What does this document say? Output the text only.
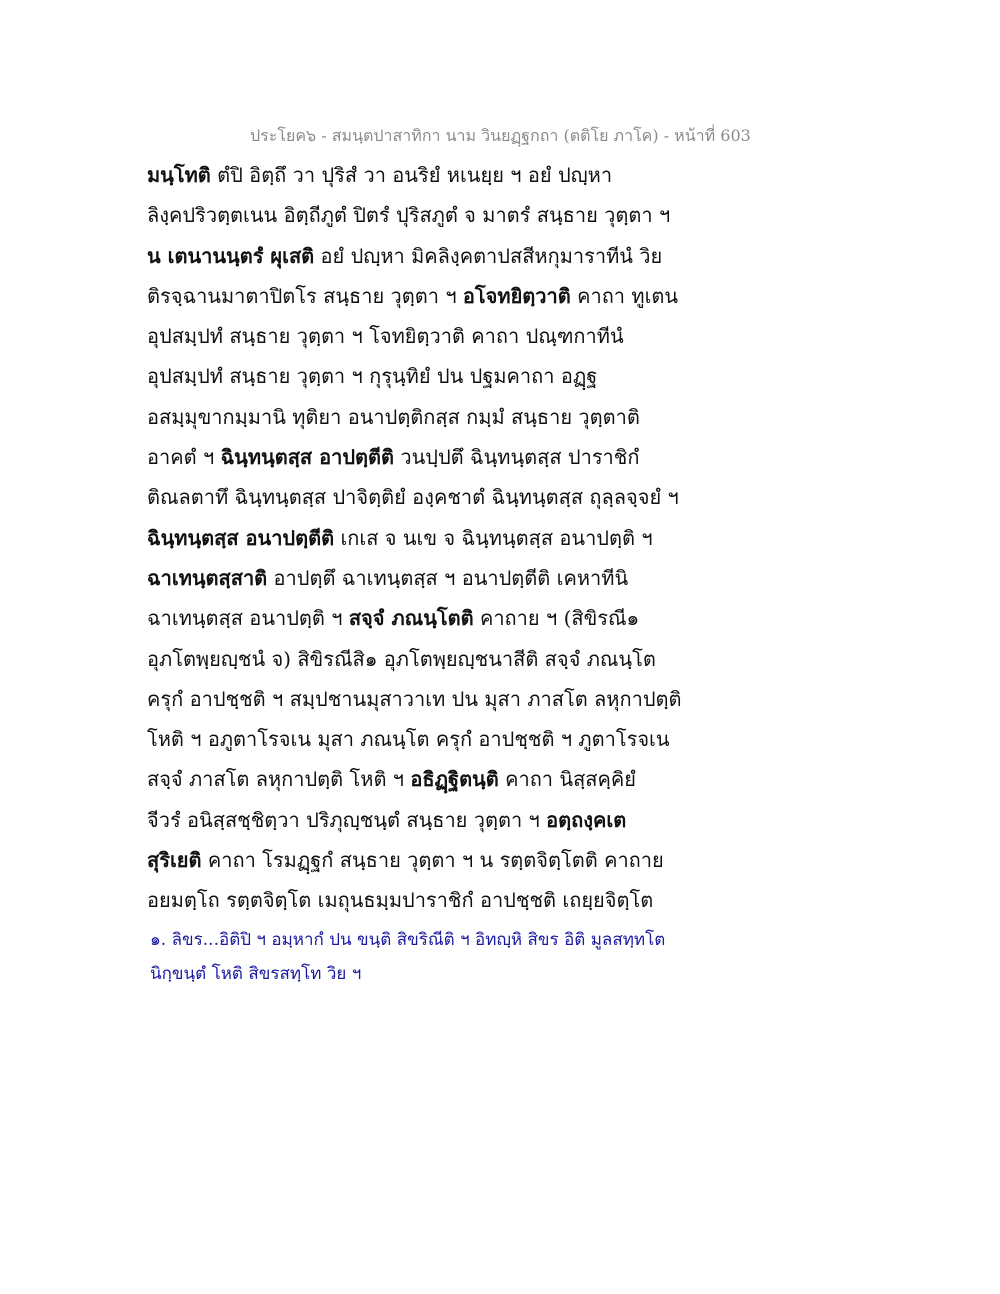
ประโยค๖ - สมนฺตปาสาทิกา นาม วินยฏฺฐกถา (ตติโย ภาโค) - หน้าที่ 603
มนฺโทติ ตํปิ อิตฺถึ วา ปุริสํ วา อนริยํ หเนยฺย ฯ อยํ ปญฺหา
ลิงฺคปริวตฺตเนน อิตฺถีภูตํ ปิตรํ ปุริสภูตํ จ มาตรํ สนฺธาย วุตฺตา ฯ
น เตนานนฺตรํ ผุเสติ อยํ ปญฺหา มิคลิงฺคตาปสสีหกุมาราทีนํ วิย
ติรจฺฉานมาตาปิตโร สนฺธาย วุตฺตา ฯ อโจทยิตฺวาติ คาถา ทูเตน
อุปสมฺปทํ สนฺธาย วุตฺตา ฯ โจทยิตฺวาติ คาถา ปณฺฑกาทีนํ
อุปสมฺปทํ สนฺธาย วุตฺตา ฯ กุรุนฺทิยํ ปน ปฐมคาถา อฏฺฐ
อสมฺมุขากมฺมานิ ทุติยา อนาปตฺติกสฺส กมฺมํ สนฺธาย วุตฺตาติ
อาคตํ ฯ ฉินฺทนฺตสฺส อาปตฺตีติ วนปฺปตึ ฉินฺทนฺตสฺส ปาราชิกํ
ติณลตาทึ ฉินฺทนฺตสฺส ปาจิตฺติยํ องฺคชาตํ ฉินฺทนฺตสฺส ถุลฺลจฺจยํ ฯ
ฉินฺทนฺตสฺส อนาปตฺตีติ เกเส จ นเข จ ฉินฺทนฺตสฺส อนาปตฺติ ฯ
ฉาเทนฺตสฺสาติ อาปตฺตึ ฉาเทนฺตสฺส ฯ อนาปตฺตีติ เคหาทีนิ
ฉาเทนฺตสฺส อนาปตฺติ ฯ สจฺจํ ภณนฺโตติ คาถาย ฯ (สิขิรณี๑
อุภโตพฺยญฺชนํ จ) สิขิรณีสิ๑ อุภโตพฺยญฺชนาสีติ สจฺจํ ภณนฺโต
ครุกํ อาปชฺชติ ฯ สมฺปชานมุสาวาเท ปน มุสา ภาสโต ลหุกาปตฺติ
โหติ ฯ อภูตาโรจเน มุสา ภณนฺโต ครุกํ อาปชฺชติ ฯ ภูตาโรจเน
สจฺจํ ภาสโต ลหุกาปตฺติ โหติ ฯ อธิฏฺฐิตนฺติ คาถา นิสฺสคฺคิยํ
จีวรํ อนิสฺสชฺชิตฺวา ปริภุญฺชนฺตํ สนฺธาย วุตฺตา ฯ อตฺถงฺคเต
สุริเยติ คาถา โรมฏฺฐกํ สนฺธาย วุตฺตา ฯ น รตฺตจิตฺโตติ คาถาย
อยมตฺโถ รตฺตจิตฺโต เมถุนธมฺมปาราชิกํ อาปชฺชติ เถยฺยจิตฺโต
๑. ลิขร...อิติปิ ฯ อมฺหากํ ปน ขนฺติ สิขริณีติ ฯ อิทญฺหิ สิขร อิติ มูลสทฺทโต
นิกฺขนฺตํ โหติ สิขรสทฺโท วิย ฯ
